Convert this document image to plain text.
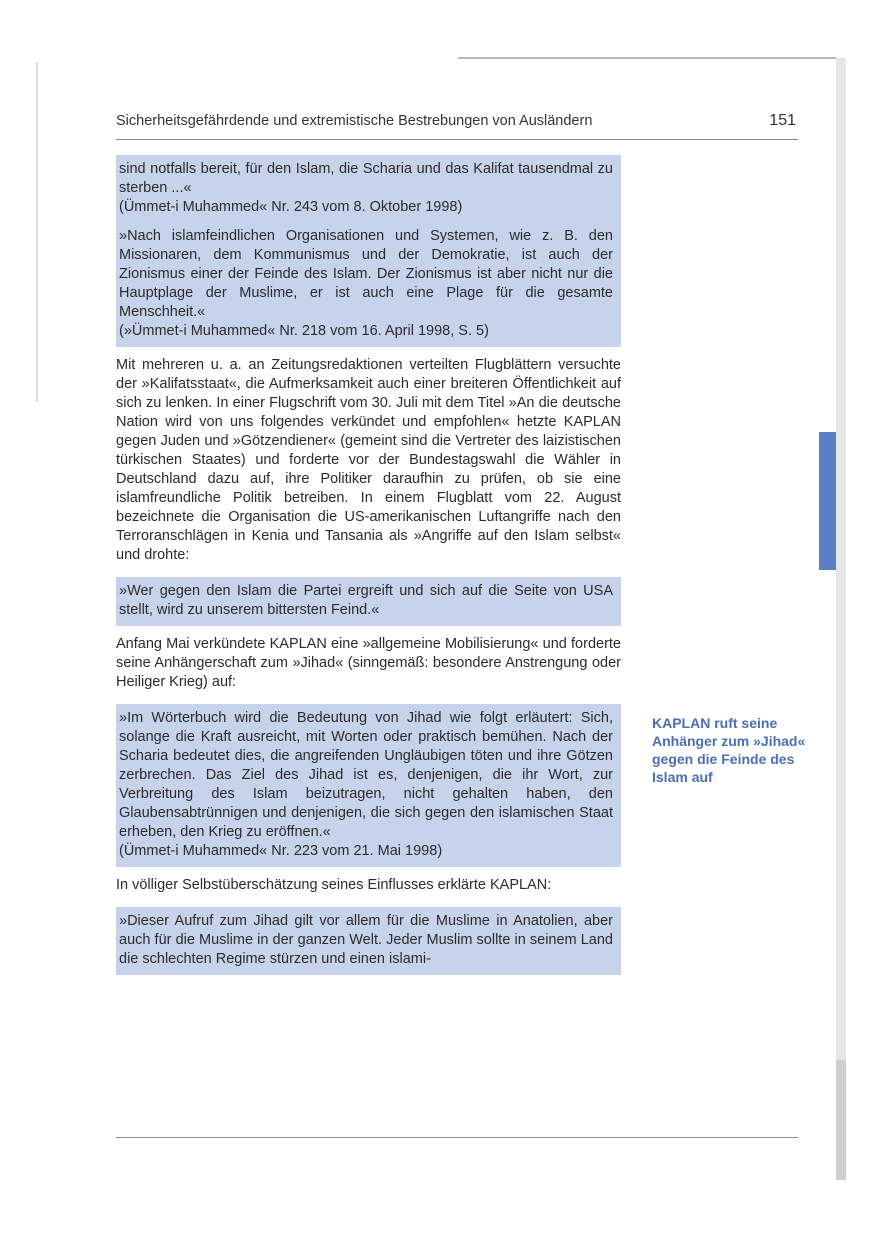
Sicherheitsgefährdende und extremistische Bestrebungen von Ausländern	151

sind notfalls bereit, für den Islam, die Scharia und das Kalifat tausendmal zu sterben ...«

(Ümmet-i Muhammed« Nr. 243 vom 8. Oktober 1998)

»Nach islamfeindlichen Organisationen und Systemen, wie z. B. den Missionaren, dem Kommunismus und der Demokratie, ist auch der Zionismus einer der Feinde des Islam. Der Zionismus ist aber nicht nur die Hauptplage der Muslime, er ist auch eine Plage für die gesamte Menschheit.«

(»Ümmet-i Muhammed« Nr. 218 vom 16. April 1998, S. 5)

Mit mehreren u. a. an Zeitungsredaktionen verteilten Flugblättern versuchte der »Kalifatsstaat«, die Aufmerksamkeit auch einer breiteren Öffentlichkeit auf sich zu lenken. In einer Flugschrift vom 30. Juli mit dem Titel »An die deutsche Nation wird von uns folgendes verkündet und empfohlen« hetzte KAPLAN gegen Juden und »Götzendiener« (gemeint sind die Vertreter des laizistischen türkischen Staates) und forderte vor der Bundestagswahl die Wähler in Deutschland dazu auf, ihre Politiker daraufhin zu prüfen, ob sie eine islamfreundliche Politik betreiben. In einem Flugblatt vom 22. August bezeichnete die Organisation die US-amerikanischen Luftangriffe nach den Terroranschlägen in Kenia und Tansania als »Angriffe auf den Islam selbst« und drohte:

»Wer gegen den Islam die Partei ergreift und sich auf die Seite von USA stellt, wird zu unserem bittersten Feind.«

Anfang Mai verkündete KAPLAN eine »allgemeine Mobilisierung« und forderte seine Anhängerschaft zum »Jihad« (sinngemäß: besondere Anstrengung oder Heiliger Krieg) auf:

»Im Wörterbuch wird die Bedeutung von Jihad wie folgt erläutert: Sich, solange die Kraft ausreicht, mit Worten oder praktisch bemühen. Nach der Scharia bedeutet dies, die angreifenden Ungläubigen töten und ihre Götzen zerbrechen. Das Ziel des Jihad ist es, denjenigen, die ihr Wort, zur Verbreitung des Islam beizutragen, nicht gehalten haben, den Glaubensabtrünnigen und denjenigen, die sich gegen den islamischen Staat erheben, den Krieg zu eröffnen.«

(Ümmet-i Muhammed« Nr. 223 vom 21. Mai 1998)

In völliger Selbstüberschätzung seines Einflusses erklärte KAPLAN:

»Dieser Aufruf zum Jihad gilt vor allem für die Muslime in Anatolien, aber auch für die Muslime in der ganzen Welt. Jeder Muslim sollte in seinem Land die schlechten Regime stürzen und einen islami-

KAPLAN ruft seine Anhänger zum »Jihad« gegen die Feinde des Islam auf
